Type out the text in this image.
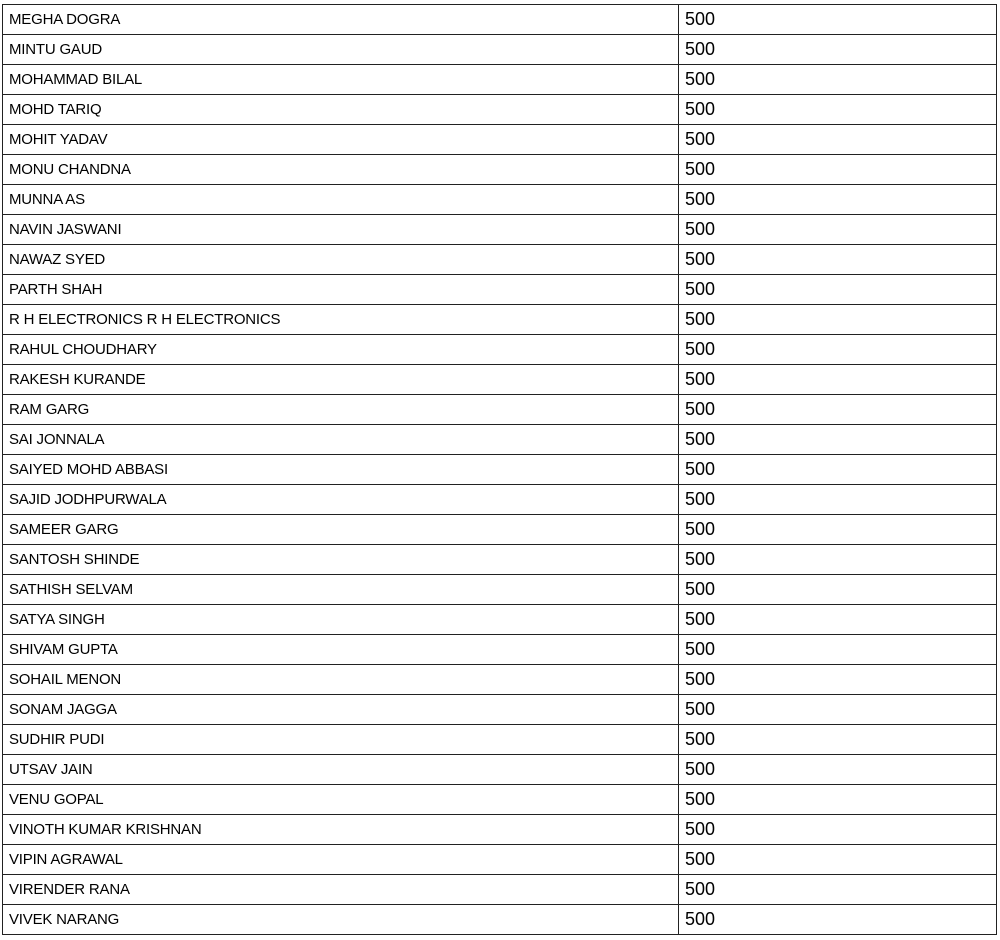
MEGHA DOGRA	500
MINTU GAUD	500
MOHAMMAD BILAL	500
MOHD TARIQ	500
MOHIT YADAV	500
MONU CHANDNA	500
MUNNA AS	500
NAVIN JASWANI	500
NAWAZ SYED	500
PARTH SHAH	500
R H ELECTRONICS R H ELECTRONICS	500
RAHUL CHOUDHARY	500
RAKESH KURANDE	500
RAM GARG	500
SAI JONNALA	500
SAIYED MOHD ABBASI	500
SAJID JODHPURWALA	500
SAMEER GARG	500
SANTOSH SHINDE	500
SATHISH SELVAM	500
SATYA SINGH	500
SHIVAM GUPTA	500
SOHAIL MENON	500
SONAM JAGGA	500
SUDHIR PUDI	500
UTSAV JAIN	500
VENU GOPAL	500
VINOTH KUMAR KRISHNAN	500
VIPIN AGRAWAL	500
VIRENDER RANA	500
VIVEK NARANG	500
